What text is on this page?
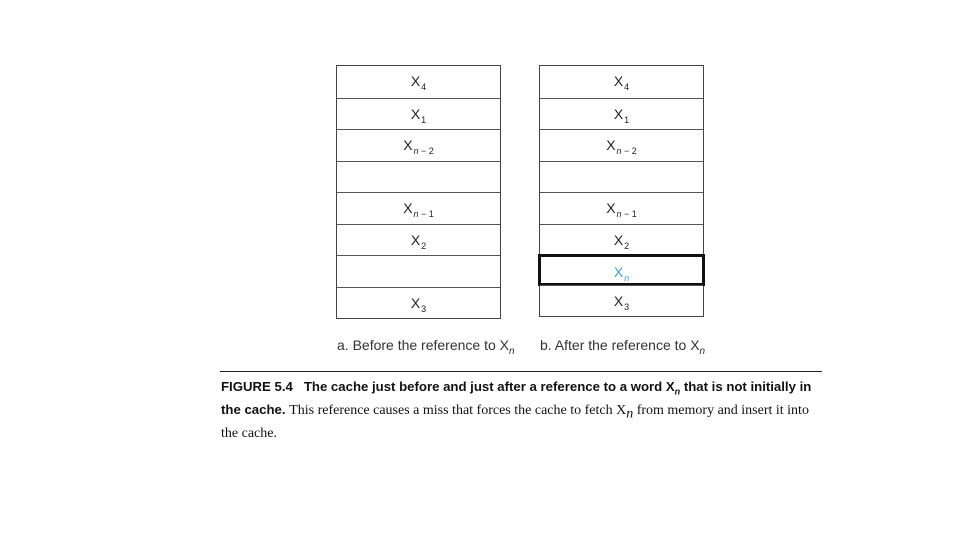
$X_4$
$X_1$
$X_{n - 2}$
$X_{n - 1}$
$X_2$
$X_3$
$X_4$
$X_1$
$X_{n - 2}$
$X_{n - 1}$
$X_2$
$X_n$
$X_3$
a. Before the reference to $X_n$ b. After the reference to $X_n$
FIGURE 5.4 The cache just before and just after a reference to a word $X_n$ that is not initially in the cache. This reference causes a miss that forces the cache to fetch $X_n$ from memory and insert it into the cache.
